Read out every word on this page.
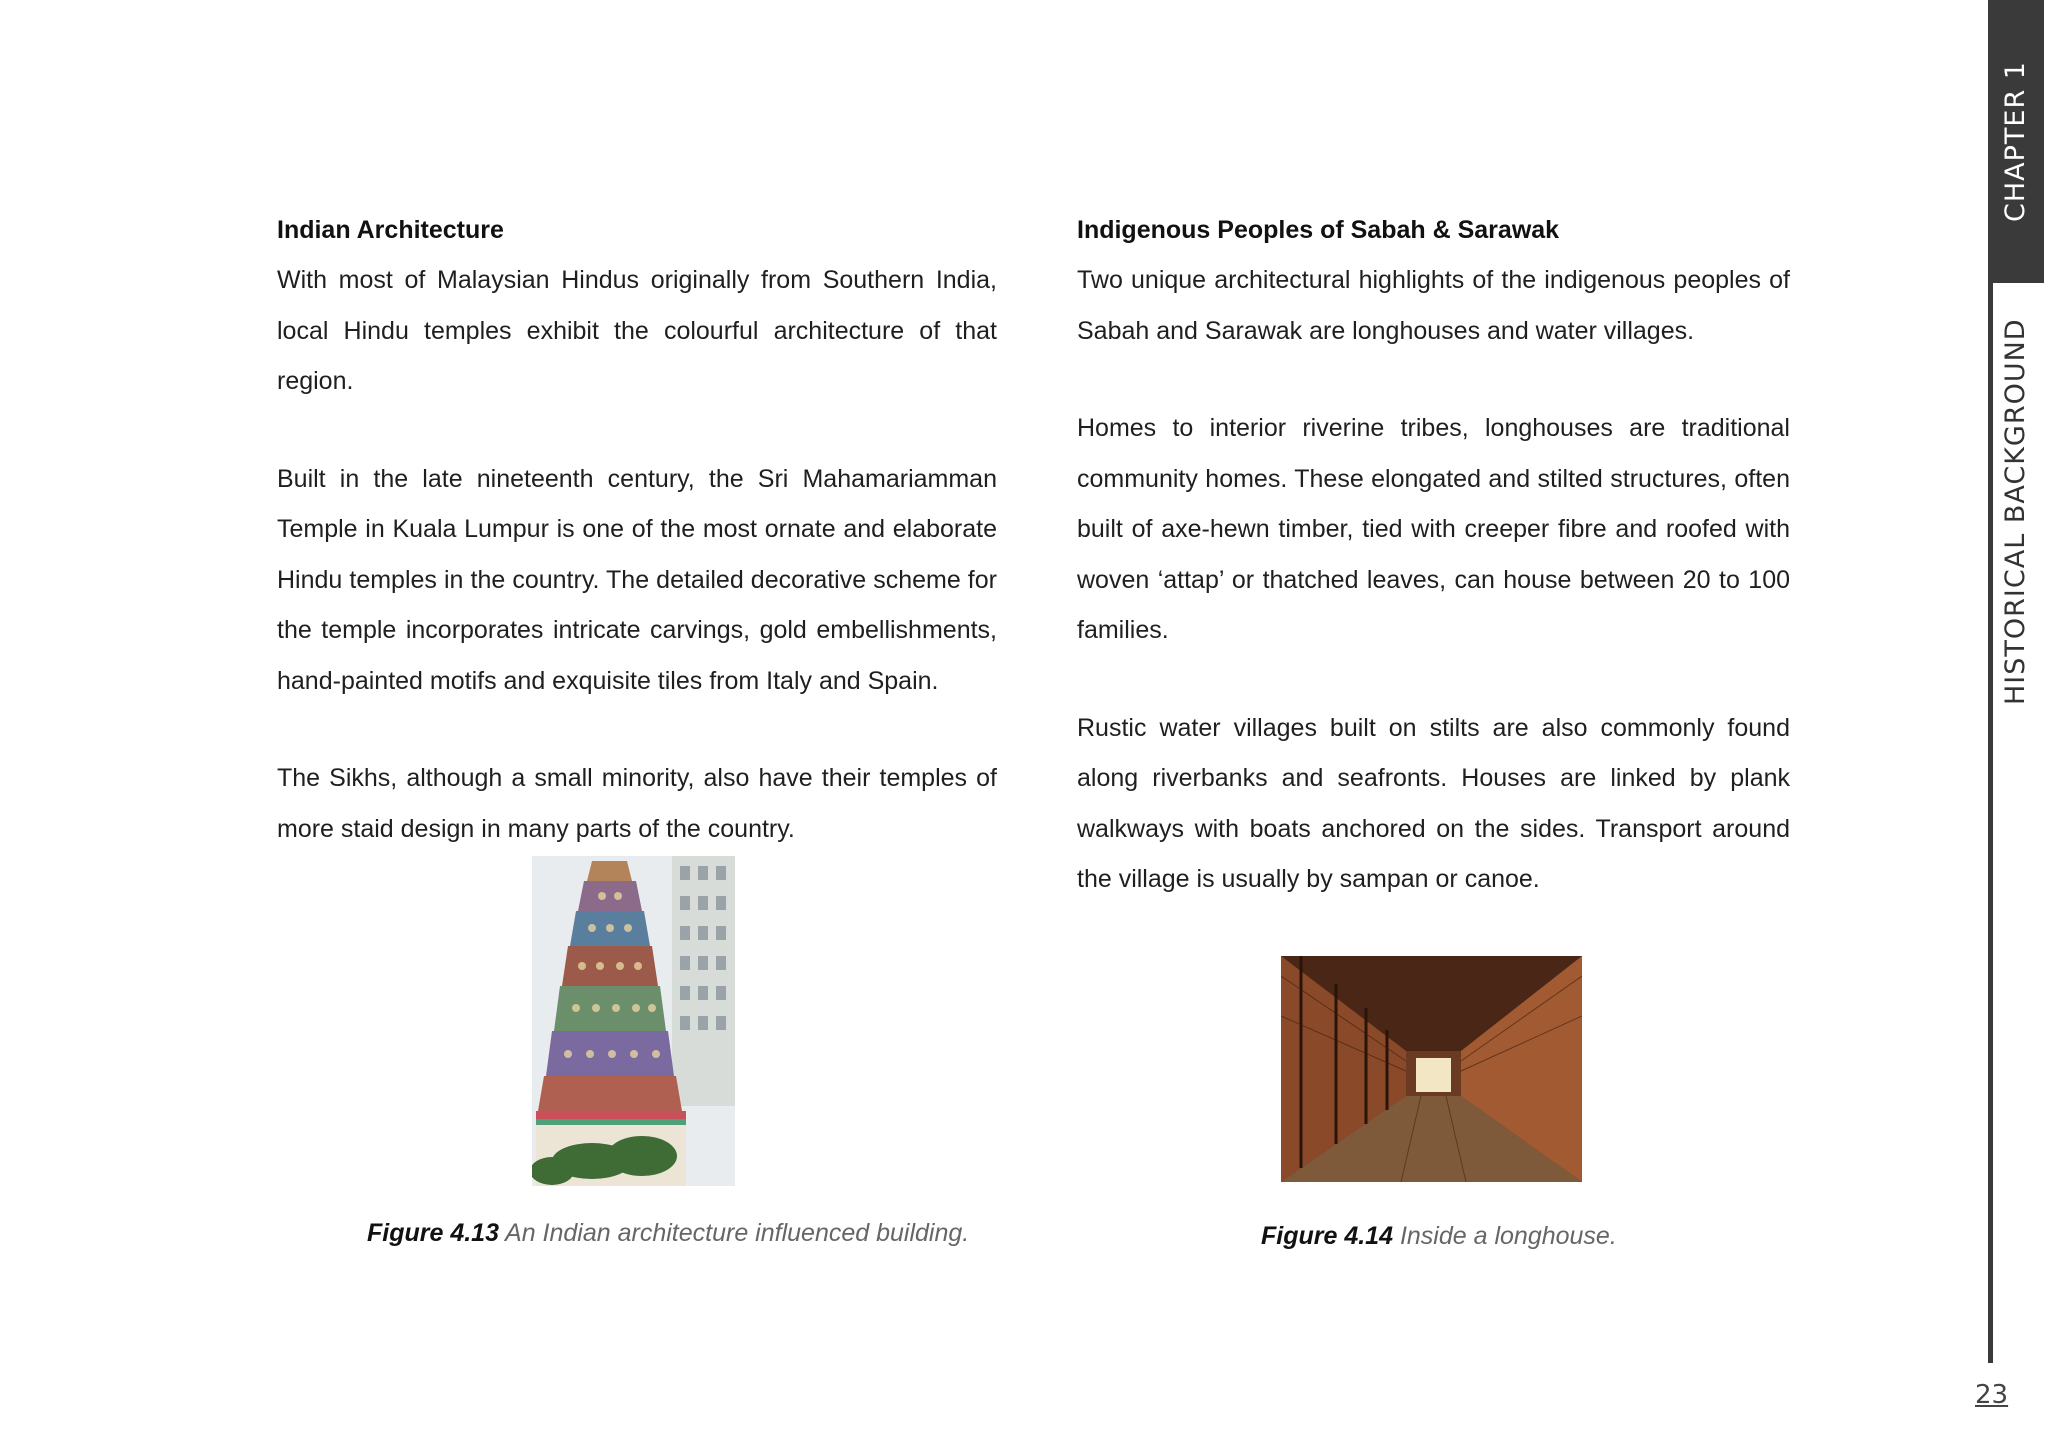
Indian Architecture

With most of Malaysian Hindus originally from Southern India, local Hindu temples exhibit the colourful architecture of that region.

Built in the late nineteenth century, the Sri Mahamariamman Temple in Kuala Lumpur is one of the most ornate and elaborate Hindu temples in the country. The detailed decorative scheme for the temple incorporates intricate carvings, gold embellishments, hand-painted motifs and exquisite tiles from Italy and Spain.

The Sikhs, although a small minority, also have their temples of more staid design in many parts of the country.

Indigenous Peoples of Sabah & Sarawak

Two unique architectural highlights of the indigenous peoples of Sabah and Sarawak are longhouses and water villages.

Homes to interior riverine tribes, longhouses are traditional community homes. These elongated and stilted structures, often built of axe-hewn timber, tied with creeper fibre and roofed with woven ‘attap’ or thatched leaves, can house between 20 to 100 families.

Rustic water villages built on stilts are also commonly found along riverbanks and seafronts. Houses are linked by plank walkways with boats anchored on the sides. Transport around the village is usually by sampan or canoe.

Figure 4.13 An Indian architecture influenced building.	Figure 4.14 Inside a longhouse.
CHAPTER 1
HISTORICAL BACKGROUND
23
